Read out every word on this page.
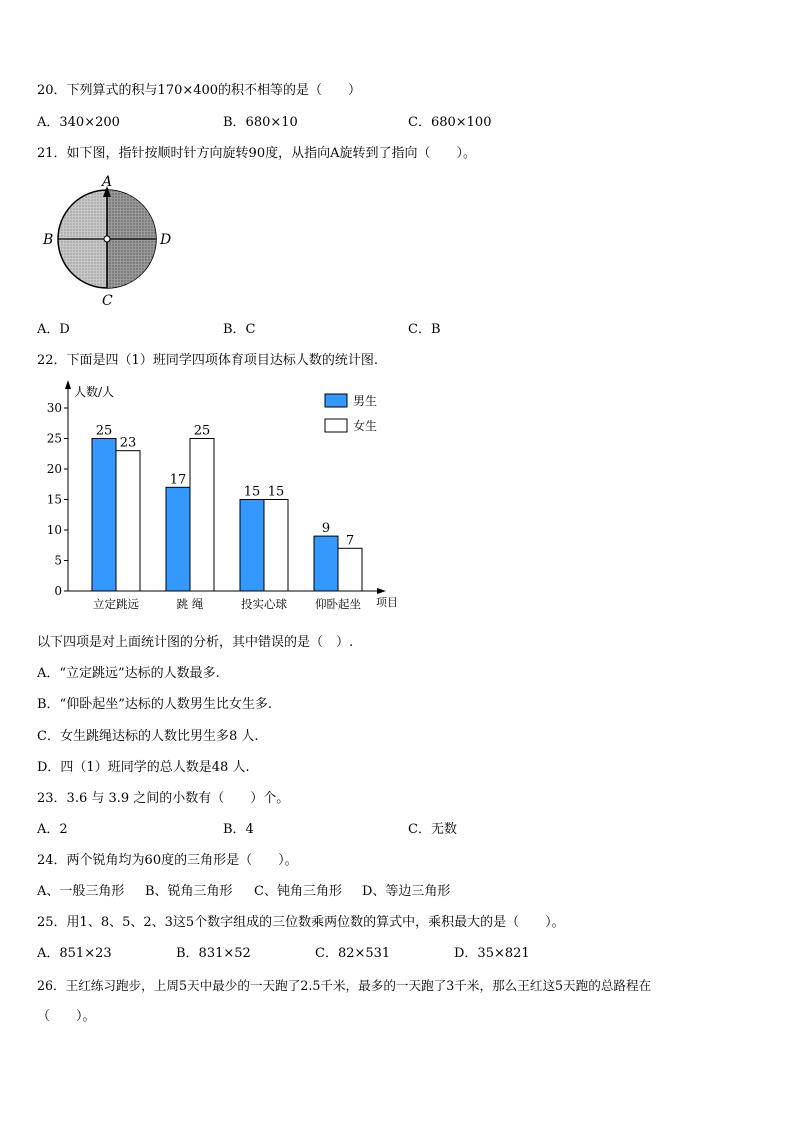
20．下列算式的积与170×400的积不相等的是（　　）
A．340×200	B．680×10	C．680×100
21．如下图，指针按顺时针方向旋转90度，从指向A旋转到了指向（　　）。
A
B	D
C
A．D	B．C	C．B
22．下面是四（1）班同学四项体育项目达标人数的统计图.
人数/人
项目
0
5
10
15
20
25
30
25
23
立定跳远
17
25
跳 绳
15 15
投实心球
9
7
仰卧起坐
男生
女生
以下四项是对上面统计图的分析，其中错误的是（　）.
A．“立定跳远”达标的人数最多.
B．“仰卧起坐”达标的人数男生比女生多.
C．女生跳绳达标的人数比男生多8 人.
D．四（1）班同学的总人数是48 人.
23．3.6 与 3.9 之间的小数有（　　）个。
A．2	B．4	C．无数
24．两个锐角均为60度的三角形是（　　）。
A、一般三角形 B、锐角三角形 C、钝角三角形 D、等边三角形
25．用1、8、5、2、3这5个数字组成的三位数乘两位数的算式中，乘积最大的是（　　）。
A．851×23	B．831×52	C．82×531	D．35×821
26．王红练习跑步，上周5天中最少的一天跑了2.5千米，最多的一天跑了3千米，那么王红这5天跑的总路程在
（　　）。
